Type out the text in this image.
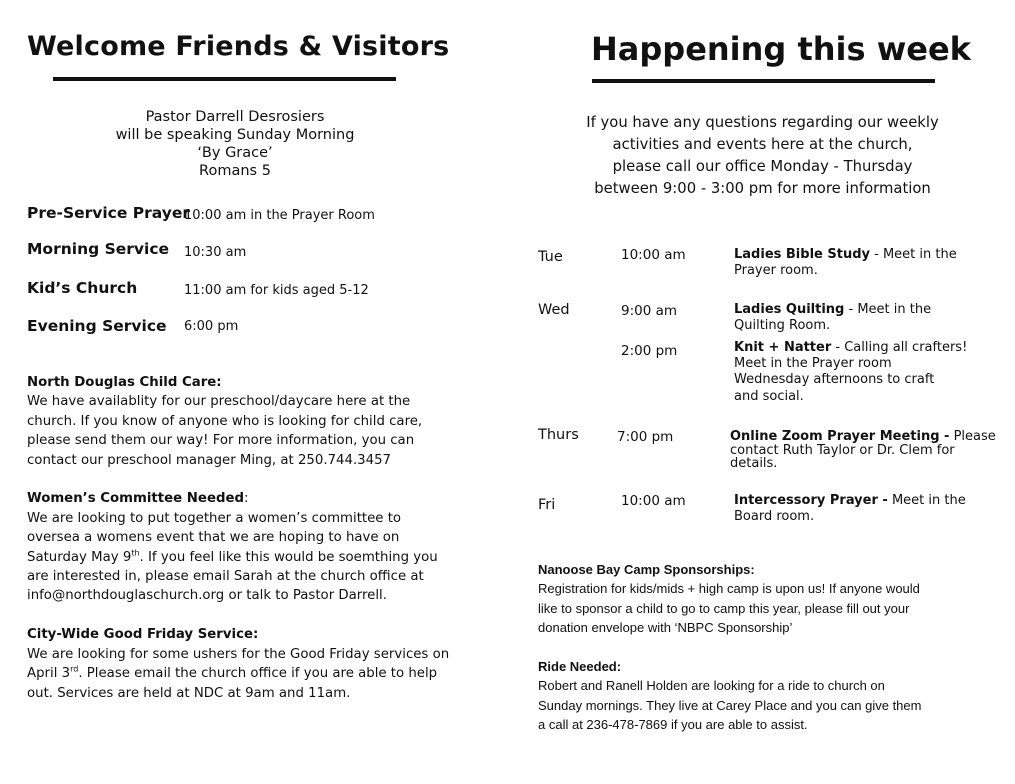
Welcome Friends & Visitors
Pastor Darrell Desrosiers
will be speaking Sunday Morning
‘By Grace’
Romans 5
Pre-Service Prayer
10:00 am in the Prayer Room
Morning Service 10:30 am
Kid’s Church	11:00 am for kids aged 5-12
Evening Service 6:00 pm
North Douglas Child Care:
We have availablity for our preschool/daycare here at the
church. If you know of anyone who is looking for child care,
please send them our way! For more information, you can
contact our preschool manager Ming, at 250.744.3457

Women’s Committee Needed:
We are looking to put together a women’s committee to
oversea a womens event that we are hoping to have on
Saturday May 9th. If you feel like this would be soemthing you
are interested in, please email Sarah at the church office at
info@northdouglaschurch.org or talk to Pastor Darrell.

City-Wide Good Friday Service:
We are looking for some ushers for the Good Friday services on
April 3rd. Please email the church office if you are able to help
out. Services are held at NDC at 9am and 11am.
Happening this week
If you have any questions regarding our weekly
activities and events here at the church,
please call our office Monday - Thursday
between 9:00 - 3:00 pm for more information
Tue	10:00 am	Ladies Bible Study - Meet in the
Prayer room.
Wed	9:00 am	Ladies Quilting - Meet in the
Quilting Room.
2:00 pm	Knit + Natter - Calling all crafters!
Meet in the Prayer room
Wednesday afternoons to craft
and social.
Thurs	7:00 pm	Online Zoom Prayer Meeting - Please
contact Ruth Taylor or Dr. Clem for
details.
Fri	10:00 am	Intercessory Prayer - Meet in the
Board room.
Nanoose Bay Camp Sponsorships:
Registration for kids/mids + high camp is upon us! If anyone would
like to sponsor a child to go to camp this year, please fill out your
donation envelope with ‘NBPC Sponsorship’

Ride Needed:
Robert and Ranell Holden are looking for a ride to church on
Sunday mornings. They live at Carey Place and you can give them
a call at 236-478-7869 if you are able to assist.
